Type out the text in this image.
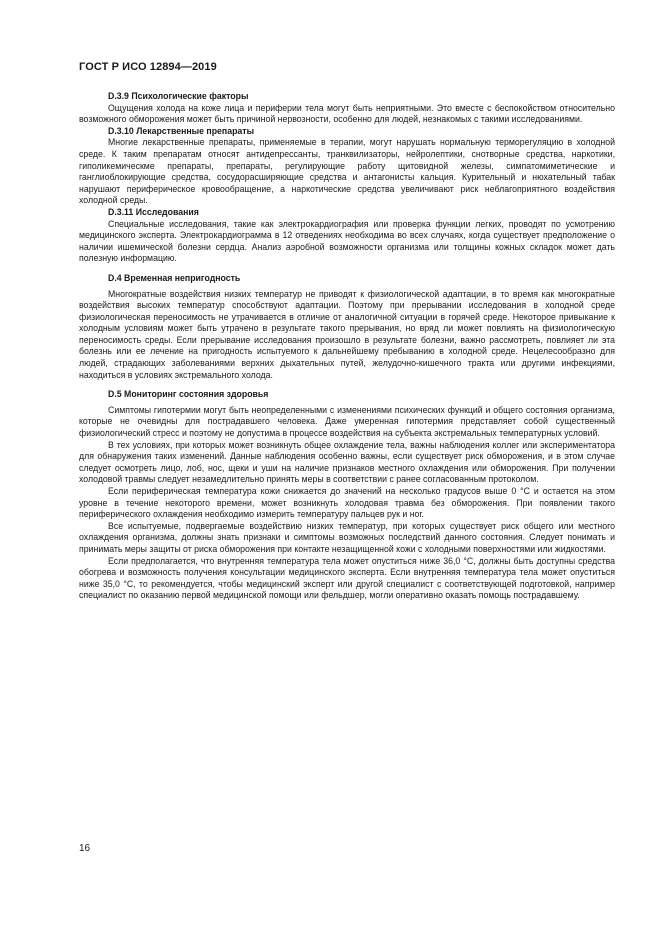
ГОСТ Р ИСО 12894—2019
D.3.9 Психологические факторы

Ощущения холода на коже лица и периферии тела могут быть неприятными. Это вместе с беспокойством относительно возможного обморожения может быть причиной нервозности, особенно для людей, незнакомых с такими исследованиями.

D.3.10 Лекарственные препараты

Многие лекарственные препараты, применяемые в терапии, могут нарушать нормальную терморегуляцию в холодной среде. К таким препаратам относят антидепрессанты, транквилизаторы, нейролептики, снотворные средства, наркотики, гиполикемическме препараты, препараты, регулирующие работу щитовидной железы, симпатомиметические и ганглиоблокирующие средства, сосудорасширяющие средства и антагонисты кальция. Курительный и нюхательный табак нарушают периферическое кровообращение, а наркотические средства увеличивают риск неблагоприятного воздействия холодной среды.

D.3.11 Исследования

Специальные исследования, такие как электрокардиография или проверка функции легких, проводят по усмотрению медицинского эксперта. Электрокардиограмма в 12 отведениях необходима во всех случаях, когда существует предположение о наличии ишемической болезни сердца. Анализ аэробной возможности организма или толщины кожных складок может дать полезную информацию.

D.4 Временная непригодность

Многократные воздействия низких температур не приводят к физиологической адаптации, в то время как многократные воздействия высоких температур способствуют адаптации. Поэтому при прерывании исследования в холодной среде физиологическая переносимость не утрачивается в отличие от аналогичной ситуации в горячей среде. Некоторое привыкание к холодным условиям может быть утрачено в результате такого прерывания, но вряд ли может повлиять на физиологическую переносимость среды. Если прерывание исследования произошло в результате болезни, важно рассмотреть, повлияет ли эта болезнь или ее лечение на пригодность испытуемого к дальнейшему пребыванию в холодной среде. Нецелесообразно для людей, страдающих заболеваниями верхних дыхательных путей, желудочно-кишечного тракта или другими инфекциями, находиться в условиях экстремального холода.

D.5 Мониторинг состояния здоровья

Симптомы гипотермии могут быть неопределенными с изменениями психических функций и общего состояния организма, которые не очевидны для пострадавшего человека. Даже умеренная гипотермия представляет собой существенный физиологический стресс и поэтому не допустима в процессе воздействия на субъекта экстремальных температурных условий.

В тех условиях, при которых может возникнуть общее охлаждение тела, важны наблюдения коллег или экспериментатора для обнаружения таких изменений. Данные наблюдения особенно важны, если существует риск обморожения, и в этом случае следует осмотреть лицо, лоб, нос, щеки и уши на наличие признаков местного охлаждения или обморожения. При получении холодовой травмы следует незамедлительно принять меры в соответствии с ранее согласованным протоколом.

Если периферическая температура кожи снижается до значений на несколько градусов выше 0 °С и остается на этом уровне в течение некоторого времени, может возникнуть холодовая травма без обморожения. При появлении такого периферического охлаждения необходимо измерить температуру пальцев рук и ног.

Все испытуемые, подвергаемые воздействию низких температур, при которых существует риск общего или местного охлаждения организма, должны знать признаки и симптомы возможных последствий данного состояния. Следует понимать и принимать меры защиты от риска обморожения при контакте незащищенной кожи с холодными поверхностями или жидкостями.

Если предполагается, что внутренняя температура тела может опуститься ниже 36,0 °С, должны быть доступны средства обогрева и возможность получения консультации медицинского эксперта. Если внутренняя температура тела может опуститься ниже 35,0 °С, то рекомендуется, чтобы медицинский эксперт или другой специалист с соответствующей подготовкой, например специалист по оказанию первой медицинской помощи или фельдшер, могли оперативно оказать помощь пострадавшему.

16
